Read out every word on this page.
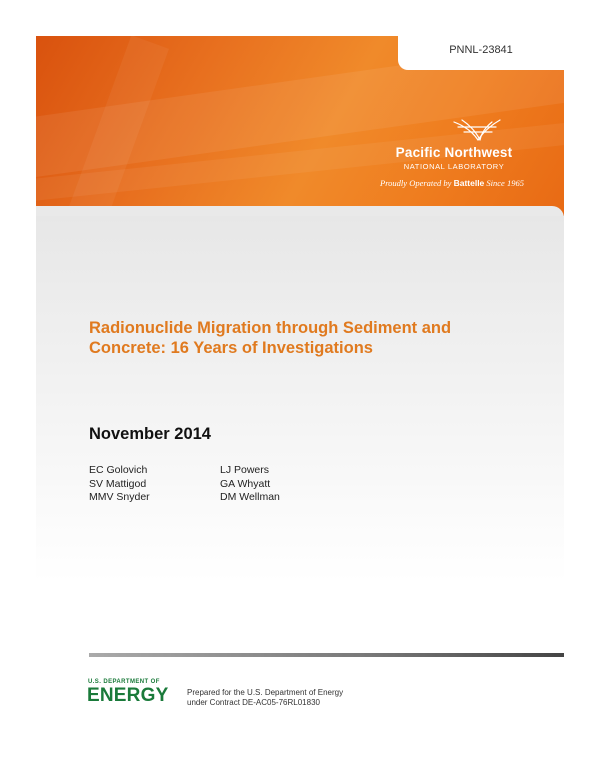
PNNL-23841
Pacific Northwest
NATIONAL LABORATORY
Proudly Operated by Battelle Since 1965
Radionuclide Migration through Sediment and
Concrete: 16 Years of Investigations
November 2014
EC Golovich
SV Mattigod
MMV Snyder
LJ Powers
GA Whyatt
DM Wellman
U.S. DEPARTMENT OF
ENERGY Prepared for the U.S. Department of Energy
under Contract DE-AC05-76RL01830
